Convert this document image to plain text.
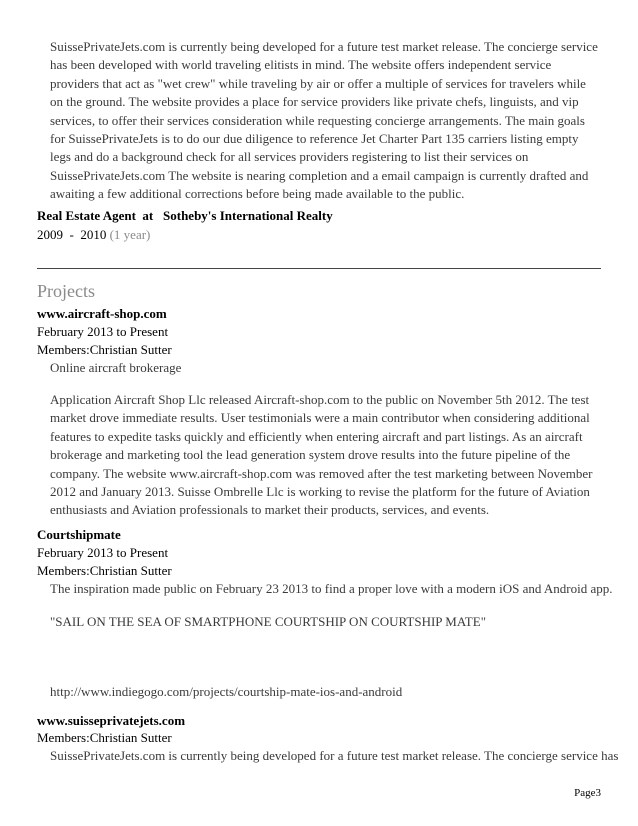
SuissePrivateJets.com is currently being developed for a future test market release. The concierge service has been developed with world traveling elitists in mind. The website offers independent service providers that act as "wet crew" while traveling by air or offer a multiple of services for travelers while on the ground. The website provides a place for service providers like private chefs, linguists, and vip services, to offer their services consideration while requesting concierge arrangements. The main goals for SuissePrivateJets is to do our due diligence to reference Jet Charter Part 135 carriers listing empty legs and do a background check for all services providers registering to list their services on SuissePrivateJets.com The website is nearing completion and a email campaign is currently drafted and awaiting a few additional corrections before being made available to the public.
Real Estate Agent  at   Sotheby's International Realty
2009  -  2010 (1 year)
Projects
www.aircraft-shop.com
February 2013 to Present
Members:Christian Sutter
Online aircraft brokerage
Application Aircraft Shop Llc released Aircraft-shop.com to the public on November 5th 2012. The test market drove immediate results. User testimonials were a main contributor when considering additional features to expedite tasks quickly and efficiently when entering aircraft and part listings. As an aircraft brokerage and marketing tool the lead generation system drove results into the future pipeline of the company. The website www.aircraft-shop.com was removed after the test marketing between November 2012 and January 2013. Suisse Ombrelle Llc is working to revise the platform for the future of Aviation enthusiasts and Aviation professionals to market their products, services, and events.
Courtshipmate
February 2013 to Present
Members:Christian Sutter
The inspiration made public on February 23 2013 to find a proper love with a modern iOS and Android app.
"SAIL ON THE SEA OF SMARTPHONE COURTSHIP ON COURTSHIP MATE"
http://www.indiegogo.com/projects/courtship-mate-ios-and-android
www.suisseprivatejets.com
Members:Christian Sutter
SuissePrivateJets.com is currently being developed for a future test market release. The concierge service has
Page3
